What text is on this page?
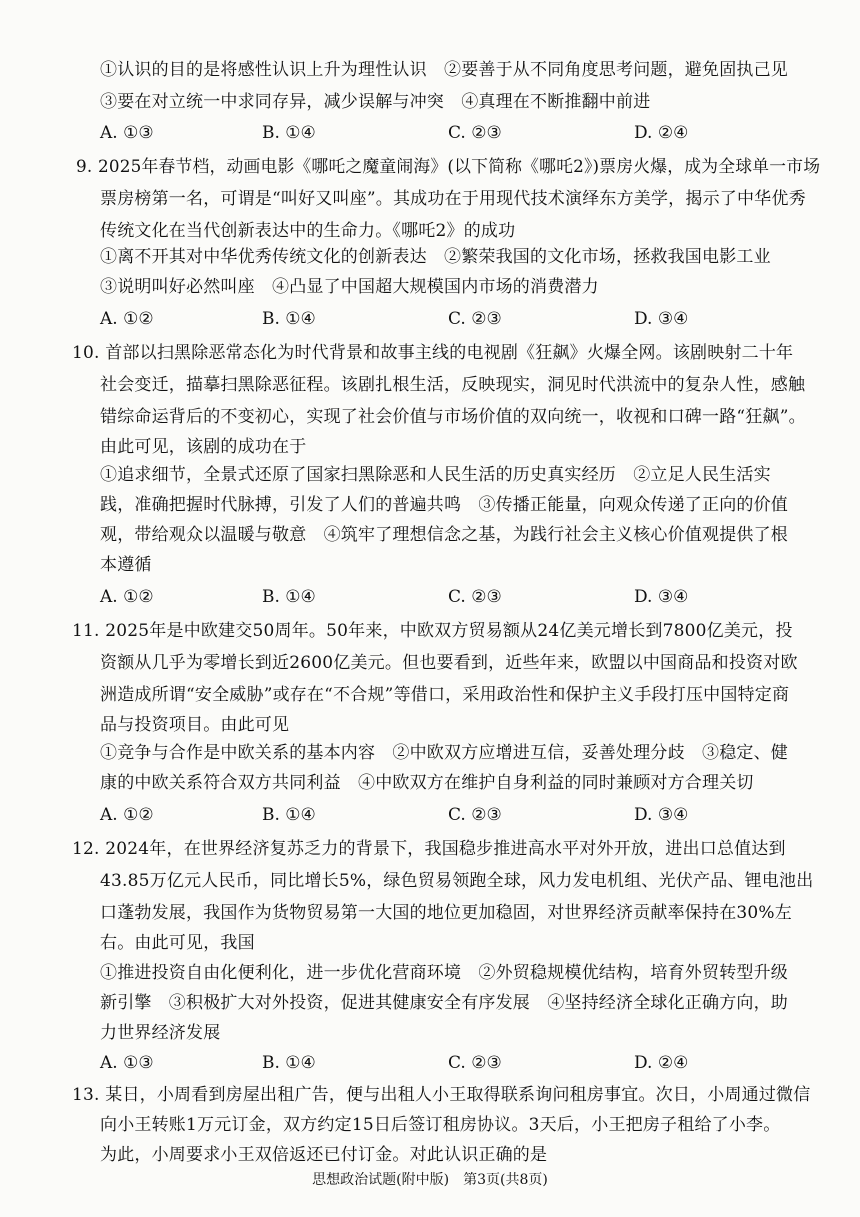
①认识的目的是将感性认识上升为理性认识　②要善于从不同角度思考问题，避免固执己见
③要在对立统一中求同存异，减少误解与冲突　④真理在不断推翻中前进
A. ①③	B. ①④	C. ②③	D. ②④
9. 2025年春节档，动画电影《哪吒之魔童闹海》(以下简称《哪吒2》)票房火爆，成为全球单一市场
票房榜第一名，可谓是“叫好又叫座”。其成功在于用现代技术演绎东方美学，揭示了中华优秀
传统文化在当代创新表达中的生命力。《哪吒2》的成功
①离不开其对中华优秀传统文化的创新表达　②繁荣我国的文化市场，拯救我国电影工业
③说明叫好必然叫座　④凸显了中国超大规模国内市场的消费潜力
A. ①②	B. ①④	C. ②③	D. ③④
10. 首部以扫黑除恶常态化为时代背景和故事主线的电视剧《狂飙》火爆全网。该剧映射二十年
社会变迁，描摹扫黑除恶征程。该剧扎根生活，反映现实，洞见时代洪流中的复杂人性，感触
错综命运背后的不变初心，实现了社会价值与市场价值的双向统一，收视和口碑一路“狂飙”。
由此可见，该剧的成功在于
①追求细节，全景式还原了国家扫黑除恶和人民生活的历史真实经历　②立足人民生活实
践，准确把握时代脉搏，引发了人们的普遍共鸣　③传播正能量，向观众传递了正向的价值
观，带给观众以温暖与敬意　④筑牢了理想信念之基，为践行社会主义核心价值观提供了根
本遵循
A. ①②	B. ①④	C. ②③	D. ③④
11. 2025年是中欧建交50周年。50年来，中欧双方贸易额从24亿美元增长到7800亿美元，投
资额从几乎为零增长到近2600亿美元。但也要看到，近些年来，欧盟以中国商品和投资对欧
洲造成所谓“安全威胁”或存在“不合规”等借口，采用政治性和保护主义手段打压中国特定商
品与投资项目。由此可见
①竞争与合作是中欧关系的基本内容　②中欧双方应增进互信，妥善处理分歧　③稳定、健
康的中欧关系符合双方共同利益　④中欧双方在维护自身利益的同时兼顾对方合理关切
A. ①②	B. ①④	C. ②③	D. ③④
12. 2024年，在世界经济复苏乏力的背景下，我国稳步推进高水平对外开放，进出口总值达到
43.85万亿元人民币，同比增长5%，绿色贸易领跑全球，风力发电机组、光伏产品、锂电池出
口蓬勃发展，我国作为货物贸易第一大国的地位更加稳固，对世界经济贡献率保持在30%左
右。由此可见，我国
①推进投资自由化便利化，进一步优化营商环境　②外贸稳规模优结构，培育外贸转型升级
新引擎　③积极扩大对外投资，促进其健康安全有序发展　④坚持经济全球化正确方向，助
力世界经济发展
A. ①③	B. ①④	C. ②③	D. ②④
13. 某日，小周看到房屋出租广告，便与出租人小王取得联系询问租房事宜。次日，小周通过微信
向小王转账1万元订金，双方约定15日后签订租房协议。3天后，小王把房子租给了小李。
为此，小周要求小王双倍返还已付订金。对此认识正确的是
思想政治试题(附中版)　第3页(共8页)
